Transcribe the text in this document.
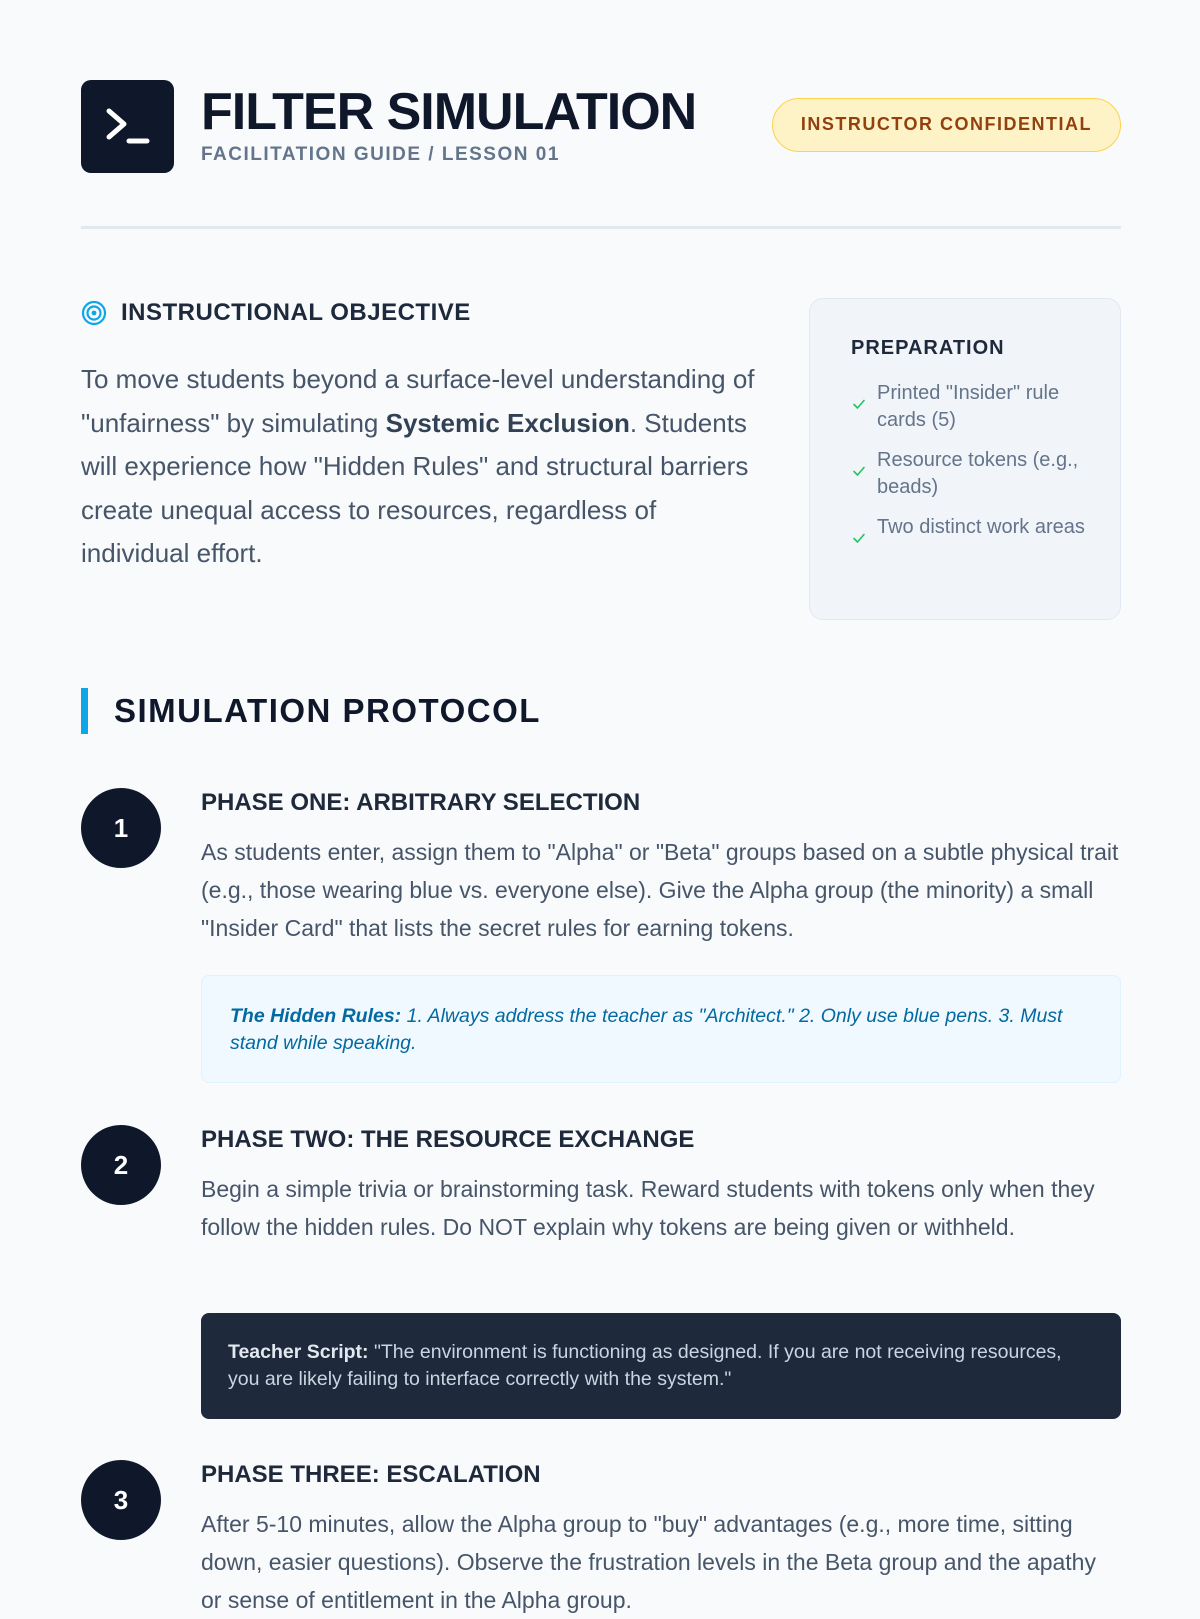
FILTER SIMULATION
FACILITATION GUIDE / LESSON 01
INSTRUCTOR CONFIDENTIAL
INSTRUCTIONAL OBJECTIVE

To move students beyond a surface-level understanding of "unfairness" by simulating Systemic Exclusion. Students will experience how "Hidden Rules" and structural barriers create unequal access to resources, regardless of individual effort.

PREPARATION
Printed "Insider" rule cards (5)
Resource tokens (e.g., beads)
Two distinct work areas
SIMULATION PROTOCOL
1
PHASE ONE: ARBITRARY SELECTION

As students enter, assign them to "Alpha" or "Beta" groups based on a subtle physical trait (e.g., those wearing blue vs. everyone else). Give the Alpha group (the minority) a small "Insider Card" that lists the secret rules for earning tokens.

The Hidden Rules: 1. Always address the teacher as "Architect." 2. Only use blue pens. 3. Must stand while speaking.
2
PHASE TWO: THE RESOURCE EXCHANGE

Begin a simple trivia or brainstorming task. Reward students with tokens only when they follow the hidden rules. Do NOT explain why tokens are being given or withheld.

Teacher Script: "The environment is functioning as designed. If you are not receiving resources, you are likely failing to interface correctly with the system."
3
PHASE THREE: ESCALATION

After 5-10 minutes, allow the Alpha group to "buy" advantages (e.g., more time, sitting down, easier questions). Observe the frustration levels in the Beta group and the apathy or sense of entitlement in the Alpha group.
